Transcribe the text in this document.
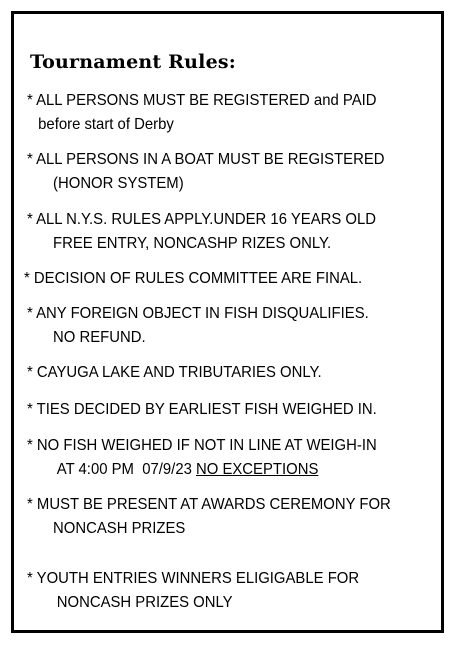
Tournament Rules:
* ALL PERSONS MUST BE REGISTERED and PAID
before start of Derby
* ALL PERSONS IN A BOAT MUST BE REGISTERED
(HONOR SYSTEM)
* ALL N.Y.S. RULES APPLY.UNDER 16 YEARS OLD
FREE ENTRY, NONCASHP RIZES ONLY.
* DECISION OF RULES COMMITTEE ARE FINAL.
* ANY FOREIGN OBJECT IN FISH DISQUALIFIES.
NO REFUND.
* CAYUGA LAKE AND TRIBUTARIES ONLY.
* TIES DECIDED BY EARLIEST FISH WEIGHED IN.
* NO FISH WEIGHED IF NOT IN LINE AT WEIGH-IN
AT 4:00 PM  07/9/23 NO EXCEPTIONS
* MUST BE PRESENT AT AWARDS CEREMONY FOR
NONCASH PRIZES
* YOUTH ENTRIES WINNERS ELIGIGABLE FOR
NONCASH PRIZES ONLY
